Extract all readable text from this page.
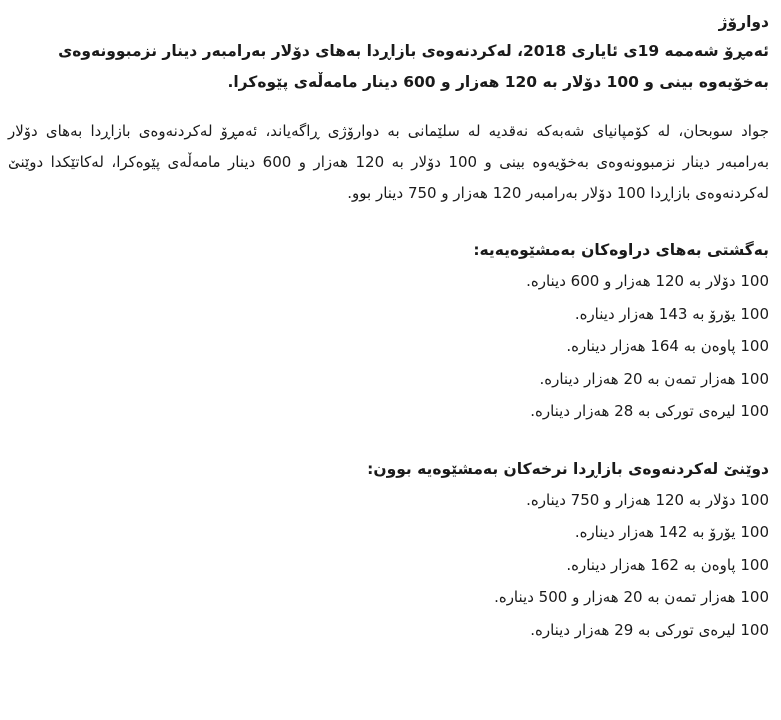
دوارۆژ

ئەمڕۆ شەممە 19ی ئایاری 2018، لەکردنەوەی بازاڕدا بەهای دۆلار بەرامبەر دینار نزمبوونەوەی بەخۆیەوە بینی و 100 دۆلار بە 120 هەزار و 600 دینار مامەڵەی پێوەکرا.

جواد سوبحان، لە کۆمپانیای شەبەکە نەقدیە لە سلێمانی بە دوارۆژی ڕاگەیاند، ئەمڕۆ لەکردنەوەی بازاڕدا بەهای دۆلار بەرامبەر دینار نزمبوونەوەی بەخۆیەوە بینی و 100 دۆلار بە 120 هەزار و 600 دینار مامەڵەی پێوەکرا، لەکاتێکدا دوێنێ لەکردنەوەی بازاڕدا 100 دۆلار بەرامبەر 120 هەزار و 750 دینار بوو.

بەگشتی بەهای دراوەکان بەمشێوەیەیە:

100 دۆلار بە 120 هەزار و 600 دینارە.
100 یۆرۆ بە 143 هەزار دینارە.
100 پاوەن بە 164 هەزار دینارە.
100 هەزار تمەن بە 20 هەزار دینارە.
100 لیرەی تورکی بە 28 هەزار دینارە.

دوێنێ لەکردنەوەی بازاڕدا نرخەکان بەمشێوەیە بوون:

100 دۆلار بە 120 هەزار و 750 دینارە.
100 یۆرۆ بە 142 هەزار دینارە.
100 پاوەن بە 162 هەزار دینارە.
100 هەزار تمەن بە 20 هەزار و 500 دینارە.
100 لیرەی تورکی بە 29 هەزار دینارە.
